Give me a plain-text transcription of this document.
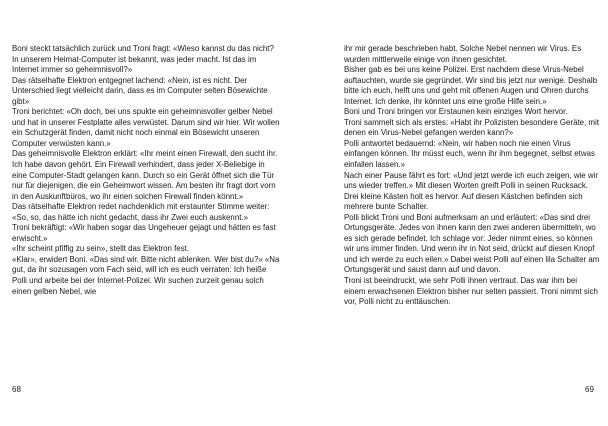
Boni steckt tatsächlich zurück und Troni fragt: «Wieso kannst du das nicht? In unserem Heimat-Computer ist bekannt, was jeder macht. Ist das im Internet immer so geheimnisvoll?»

Das rätselhafte Elektron entgegnet lachend: «Nein, ist es nicht. Der Unterschied liegt vielleicht darin, dass es im Computer selten Bösewichte gibt»

Troni berichtet: «Oh doch, bei uns spukte ein geheimnisvoller gelber Nebel und hat in unserer Festplatte alles verwüstet. Darum sind wir hier. Wir wollen ein Schutzgerät finden, damit nicht noch einmal ein Bösewicht unseren Computer verwüsten kann.»

Das geheimnisvolle Elektron erklärt: «Ihr meint einen Firewall, den sucht ihr. Ich habe davon gehört. Ein Firewall verhindert, dass jeder X-Beliebige in eine Computer-Stadt gelangen kann. Durch so ein Gerät öffnet sich die Tür nur für diejenigen, die ein Geheimwort wissen. Am besten ihr fragt dort vorn in den Auskunftbüros, wo ihr einen solchen Firewall finden könnt.»

Das rätselhafte Elektron redet nachdenklich mit erstaunter Stimme weiter: «So, so, das hätte ich nicht gedacht, dass ihr Zwei euch auskennt.»

Troni bekräftigt: «Wir haben sogar das Ungeheuer gejagt und hätten es fast erwischt.»

«Ihr scheint pfiffig zu sein», stellt das Elektron fest.

«Klar», erwidert Boni. «Das sind wir. Bitte nicht ablenken. Wer bist du?» «Na gut, da ihr sozusagen vom Fach seid, will ich es euch verraten: Ich heiße Polli und arbeite bei der Internet-Polizei. Wir suchen zurzeit genau solch einen gelben Nebel, wie

ihr mir gerade beschrieben habt. Solche Nebel nennen wir Virus. Es wurden mittlerweile einige von ihnen gesichtet.

Bisher gab es bei uns keine Polizei. Erst nachdem diese Virus-Nebel auftauchten, wurde sie gegründet. Wir sind bis jetzt nur wenige. Deshalb bitte ich euch, helft uns und geht mit offenen Augen und Ohren durchs Internet. Ich denke, ihr könntet uns eine große Hilfe sein.»

Boni und Troni bringen vor Erstaunen kein einziges Wort hervor.

Troni sammelt sich als erstes: «Habt ihr Polizisten besondere Geräte, mit denen ein Virus-Nebel gefangen werden kann?»

Polli antwortet bedauernd: «Nein, wir haben noch nie einen Virus einfangen können. Ihr müsst euch, wenn ihr ihm begegnet, selbst etwas einfallen lassen.»

Nach einer Pause fährt es fort: «Und jetzt werde ich euch zeigen, wie wir uns wieder treffen.» Mit diesen Worten greift Polli in seinen Rucksack. Drei kleine Kästen holt es hervor. Auf diesen Kästchen befinden sich mehrere bunte Schalter.

Polli blickt Troni und Boni aufmerksam an und erläutert: «Das sind drei Ortungsgeräte. Jedes von ihnen kann den zwei anderen übermitteln, wo es sich gerade befindet. Ich schlage vor: Jeder nimmt eines, so können wir uns immer finden. Und wenn ihr in Not seid, drückt auf diesen Knopf und ich werde zu euch eilen.» Dabei weist Polli auf einen lila Schalter am Ortungsgerät und saust dann auf und davon.

Troni ist beeindruckt, wie sehr Polli ihnen vertraut. Das war ihm bei einem erwachsenen Elektron bisher nur selten passiert. Troni nimmt sich vor, Polli nicht zu enttäuschen.

68	69
